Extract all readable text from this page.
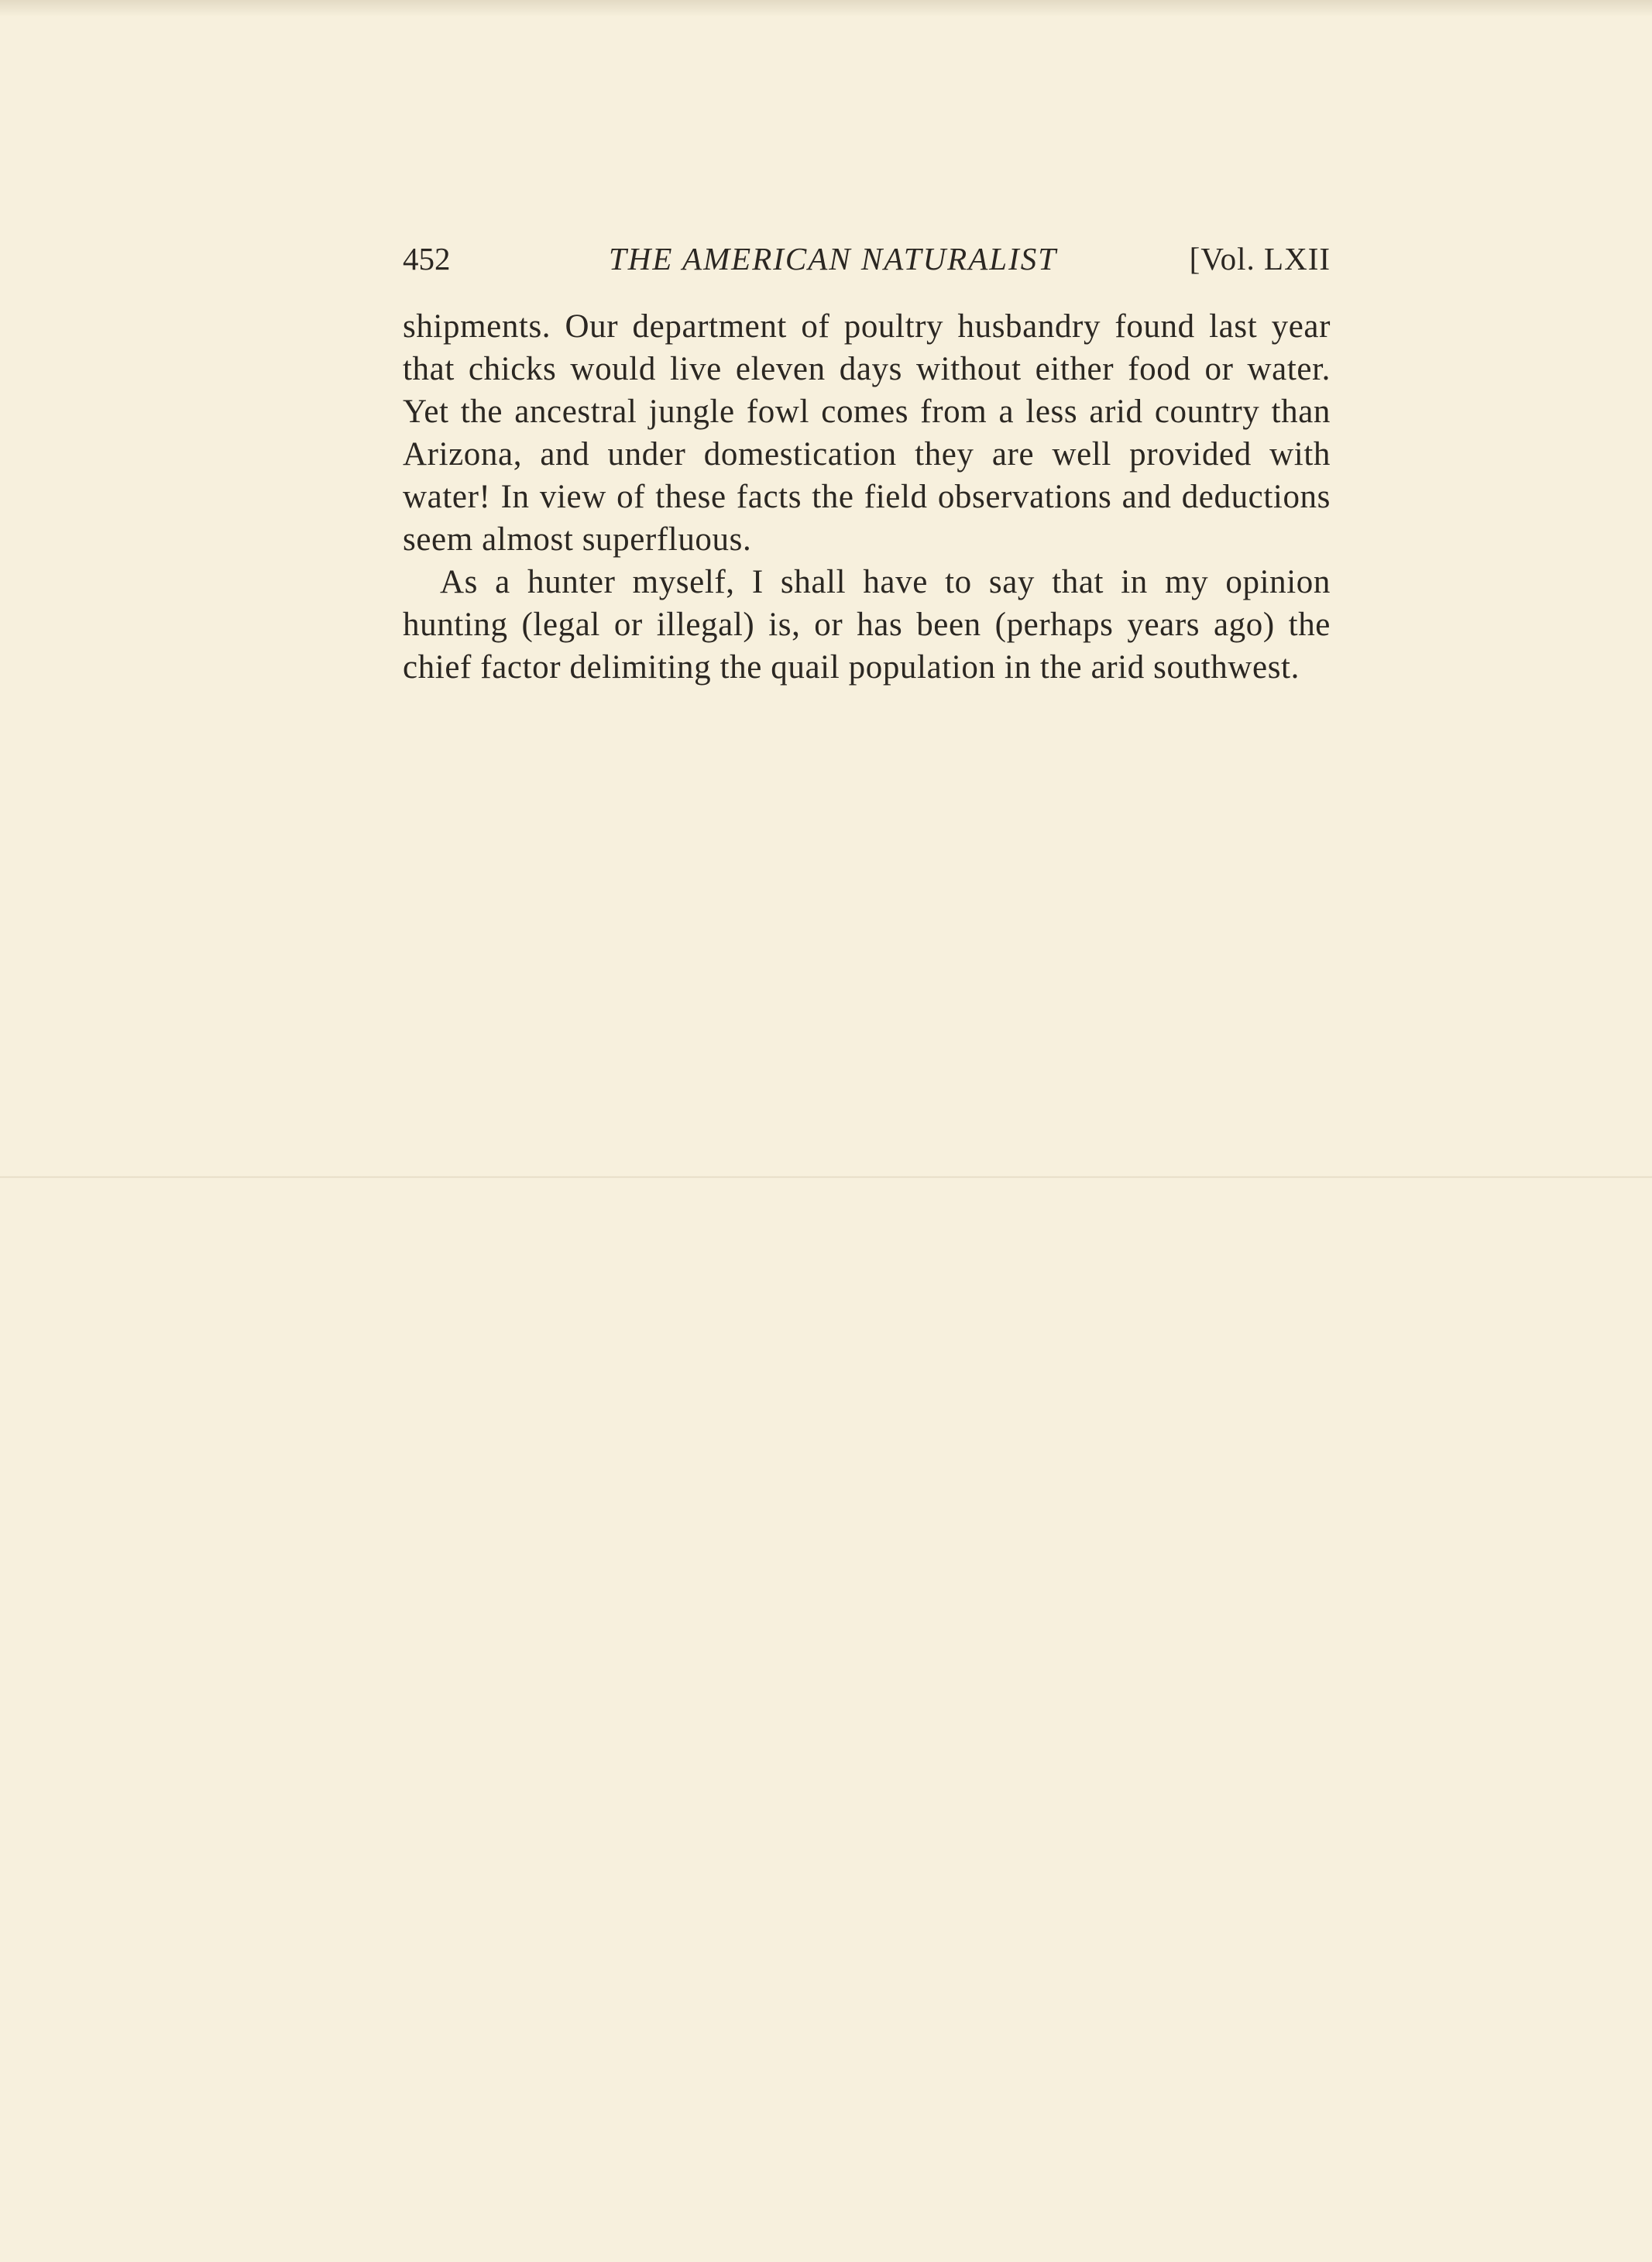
452	THE AMERICAN NATURALIST	[Vol. LXII

shipments. Our department of poultry husbandry found last year that chicks would live eleven days without either food or water. Yet the ancestral jungle fowl comes from a less arid country than Arizona, and under domestication they are well provided with water! In view of these facts the field observations and deductions seem almost superfluous.

As a hunter myself, I shall have to say that in my opinion hunting (legal or illegal) is, or has been (perhaps years ago) the chief factor delimiting the quail population in the arid southwest.
